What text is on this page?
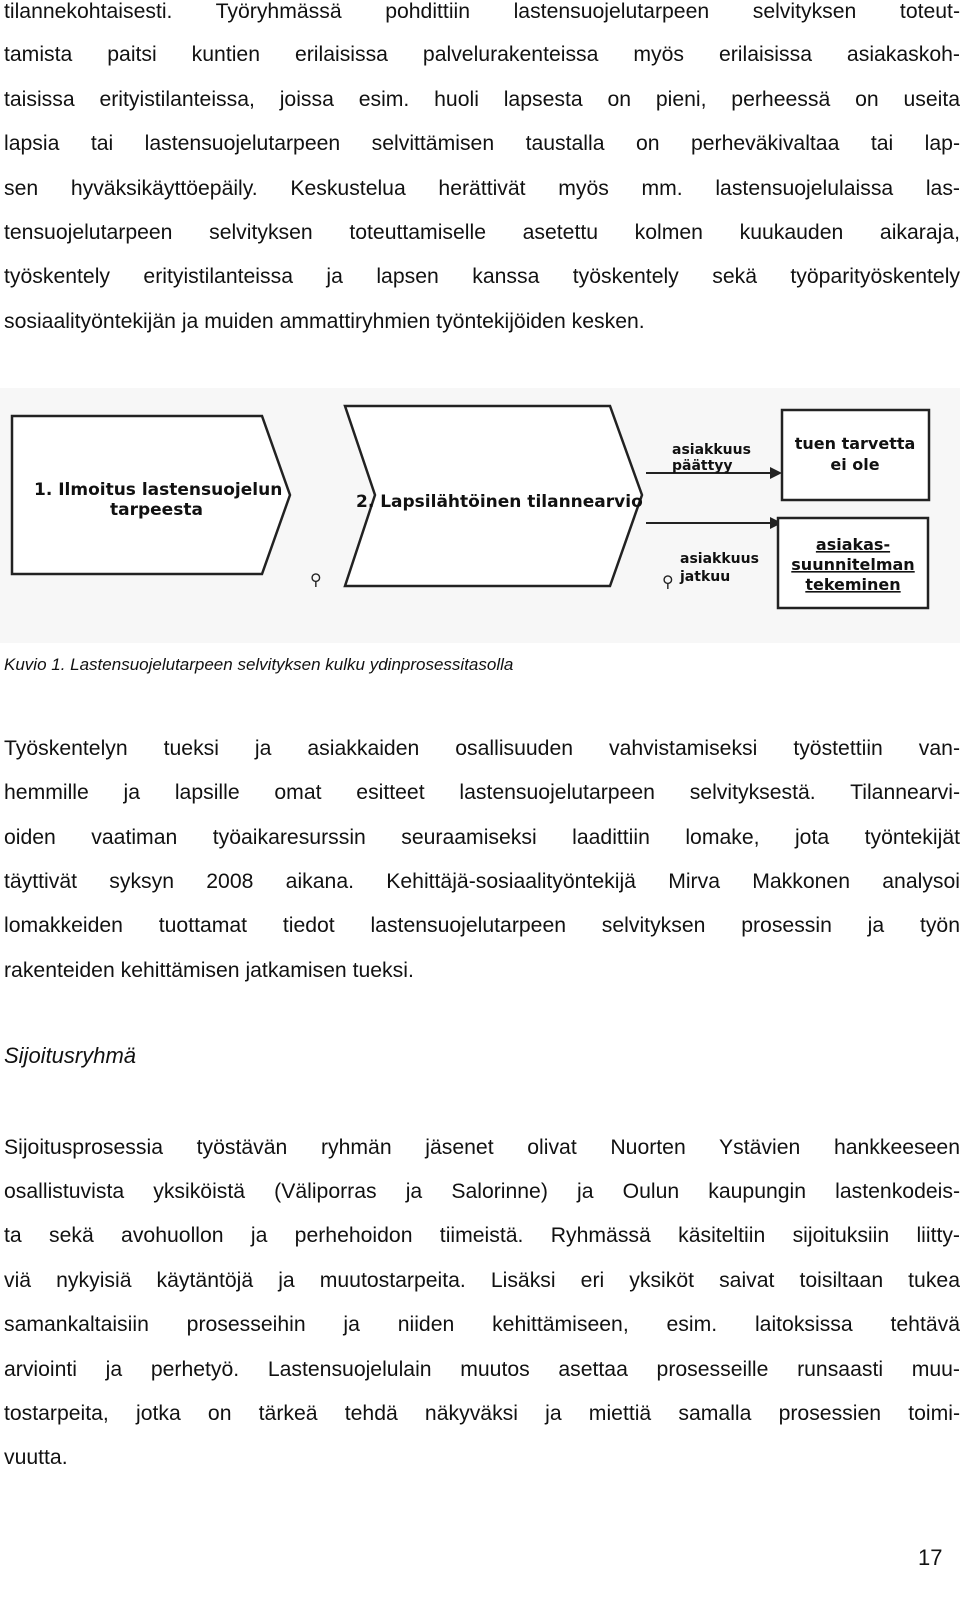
tilannekohtaisesti. Työryhmässä pohdittiin lastensuojelutarpeen selvityksen toteut-
tamista paitsi kuntien erilaisissa palvelurakenteissa myös erilaisissa asiakaskoh-
taisissa erityistilanteissa, joissa esim. huoli lapsesta on pieni, perheessä on useita
lapsia tai lastensuojelutarpeen selvittämisen taustalla on perheväkivaltaa tai lap-
sen hyväksikäyttöepäily. Keskustelua herättivät myös mm. lastensuojelulaissa las-
tensuojelutarpeen selvityksen toteuttamiselle asetettu kolmen kuukauden aikaraja,
työskentely erityistilanteissa ja lapsen kanssa työskentely sekä työparityöskentely
sosiaalityöntekijän ja muiden ammattiryhmien työntekijöiden kesken.
1. Ilmoitus lastensuojelun
tarpeesta
⚲
2. Lapsilähtöinen tilannearvio
⚲
asiakkuus
päättyy
asiakkuus
jatkuu
tuen tarvetta
ei ole
asiakas-
suunnitelman
tekeminen
Kuvio 1. Lastensuojelutarpeen selvityksen kulku ydinprosessitasolla
Työskentelyn tueksi ja asiakkaiden osallisuuden vahvistamiseksi työstettiin van-
hemmille ja lapsille omat esitteet lastensuojelutarpeen selvityksestä. Tilannearvi-
oiden vaatiman työaikaresurssin seuraamiseksi laadittiin lomake, jota työntekijät
täyttivät syksyn 2008 aikana. Kehittäjä-sosiaalityöntekijä Mirva Makkonen analysoi
lomakkeiden tuottamat tiedot lastensuojelutarpeen selvityksen prosessin ja työn
rakenteiden kehittämisen jatkamisen tueksi.
Sijoitusryhmä
Sijoitusprosessia työstävän ryhmän jäsenet olivat Nuorten Ystävien hankkeeseen
osallistuvista yksiköistä (Väliporras ja Salorinne) ja Oulun kaupungin lastenkodeis-
ta sekä avohuollon ja perhehoidon tiimeistä. Ryhmässä käsiteltiin sijoituksiin liitty-
viä nykyisiä käytäntöjä ja muutostarpeita. Lisäksi eri yksiköt saivat toisiltaan tukea
samankaltaisiin prosesseihin ja niiden kehittämiseen, esim. laitoksissa tehtävä
arviointi ja perhetyö. Lastensuojelulain muutos asettaa prosesseille runsaasti muu-
tostarpeita, jotka on tärkeä tehdä näkyväksi ja miettiä samalla prosessien toimi-
vuutta.
17
